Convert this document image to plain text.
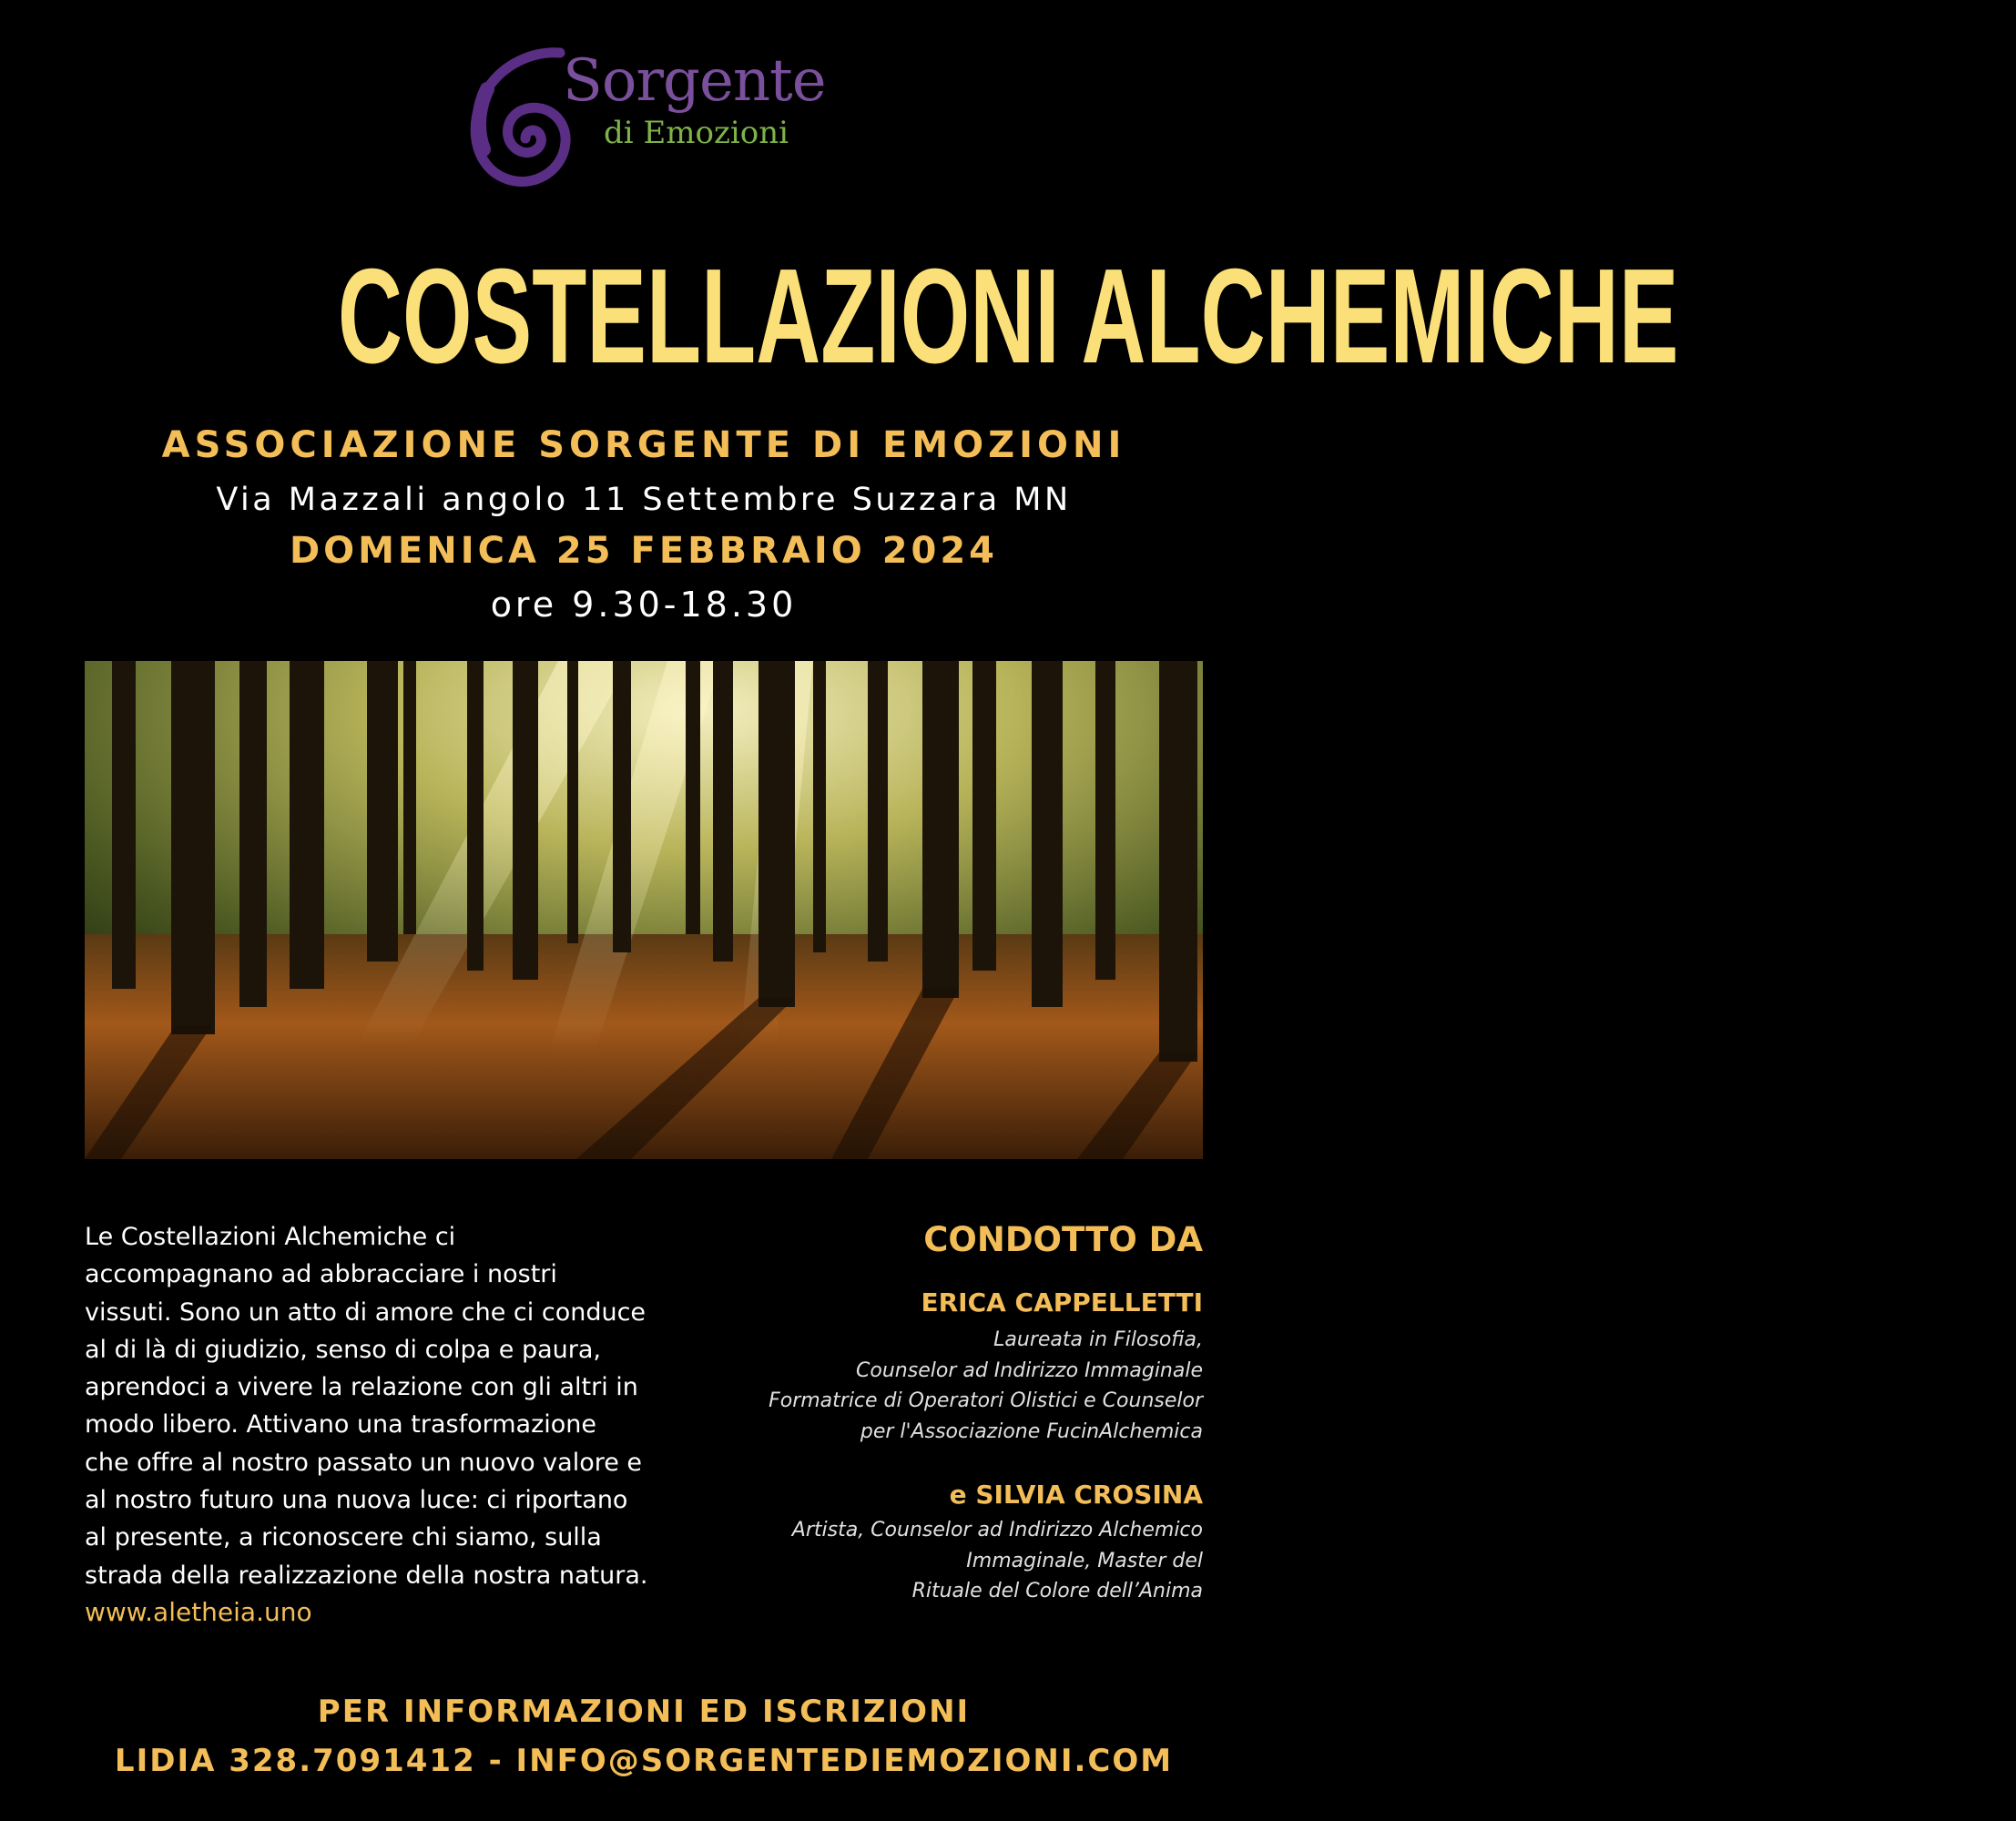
Sorgente
di Emozioni
COSTELLAZIONI ALCHEMICHE
ASSOCIAZIONE SORGENTE DI EMOZIONI
Via Mazzali angolo 11 Settembre Suzzara MN
DOMENICA 25 FEBBRAIO 2024
ore 9.30-18.30
Le Costellazioni Alchemiche ci
accompagnano ad abbracciare i nostri
vissuti. Sono un atto di amore che ci conduce
al di là di giudizio, senso di colpa e paura,
aprendoci a vivere la relazione con gli altri in
modo libero. Attivano una trasformazione
che offre al nostro passato un nuovo valore e
al nostro futuro una nuova luce: ci riportano
al presente, a riconoscere chi siamo, sulla
strada della realizzazione della nostra natura.
www.aletheia.uno
CONDOTTO DA
ERICA CAPPELLETTI
Laureata in Filosofia,
Counselor ad Indirizzo Immaginale
Formatrice di Operatori Olistici e Counselor
per l'Associazione FucinAlchemica
e SILVIA CROSINA
Artista, Counselor ad Indirizzo Alchemico
Immaginale, Master del
Rituale del Colore dell’Anima
PER INFORMAZIONI ED ISCRIZIONI
LIDIA 328.7091412 - INFO@SORGENTEDIEMOZIONI.COM
